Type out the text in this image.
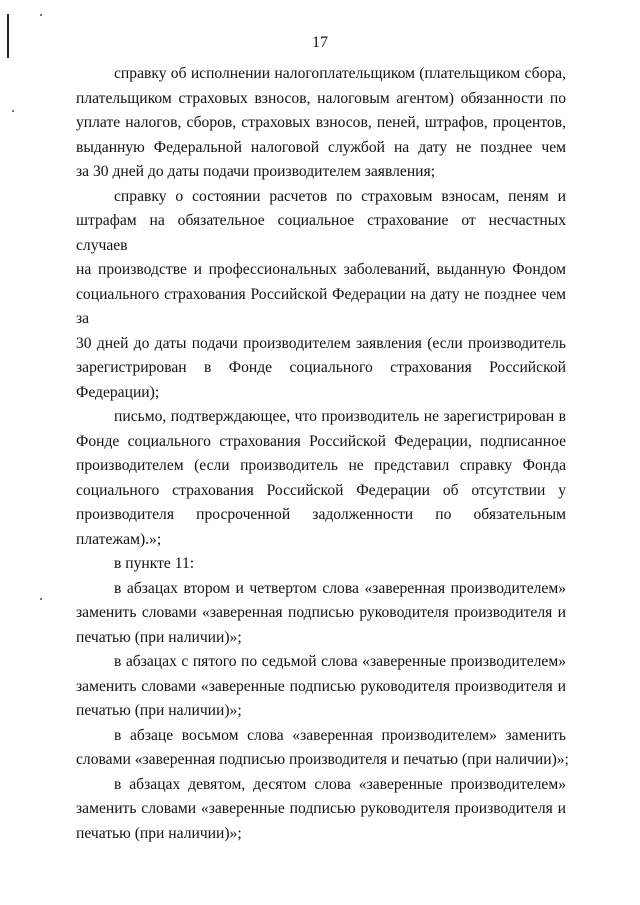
17
справку об исполнении налогоплательщиком (плательщиком сбора,
плательщиком страховых взносов, налоговым агентом) обязанности по
уплате налогов, сборов, страховых взносов, пеней, штрафов, процентов,
выданную Федеральной налоговой службой на дату не позднее чем
за 30 дней до даты подачи производителем заявления;
справку о состоянии расчетов по страховым взносам, пеням и
штрафам на обязательное социальное страхование от несчастных случаев
на производстве и профессиональных заболеваний, выданную Фондом
социального страхования Российской Федерации на дату не позднее чем за
30 дней до даты подачи производителем заявления (если производитель
зарегистрирован в Фонде социального страхования Российской
Федерации);
письмо, подтверждающее, что производитель не зарегистрирован в
Фонде социального страхования Российской Федерации, подписанное
производителем (если производитель не представил справку Фонда
социального страхования Российской Федерации об отсутствии у
производителя просроченной задолженности по обязательным
платежам).»;
в пункте 11:
в абзацах втором и четвертом слова «заверенная производителем»
заменить словами «заверенная подписью руководителя производителя и
печатью (при наличии)»;
в абзацах с пятого по седьмой слова «заверенные производителем»
заменить словами «заверенные подписью руководителя производителя и
печатью (при наличии)»;
в абзаце восьмом слова «заверенная производителем» заменить
словами «заверенная подписью производителя и печатью (при наличии)»;
в абзацах девятом, десятом слова «заверенные производителем»
заменить словами «заверенные подписью руководителя производителя и
печатью (при наличии)»;
